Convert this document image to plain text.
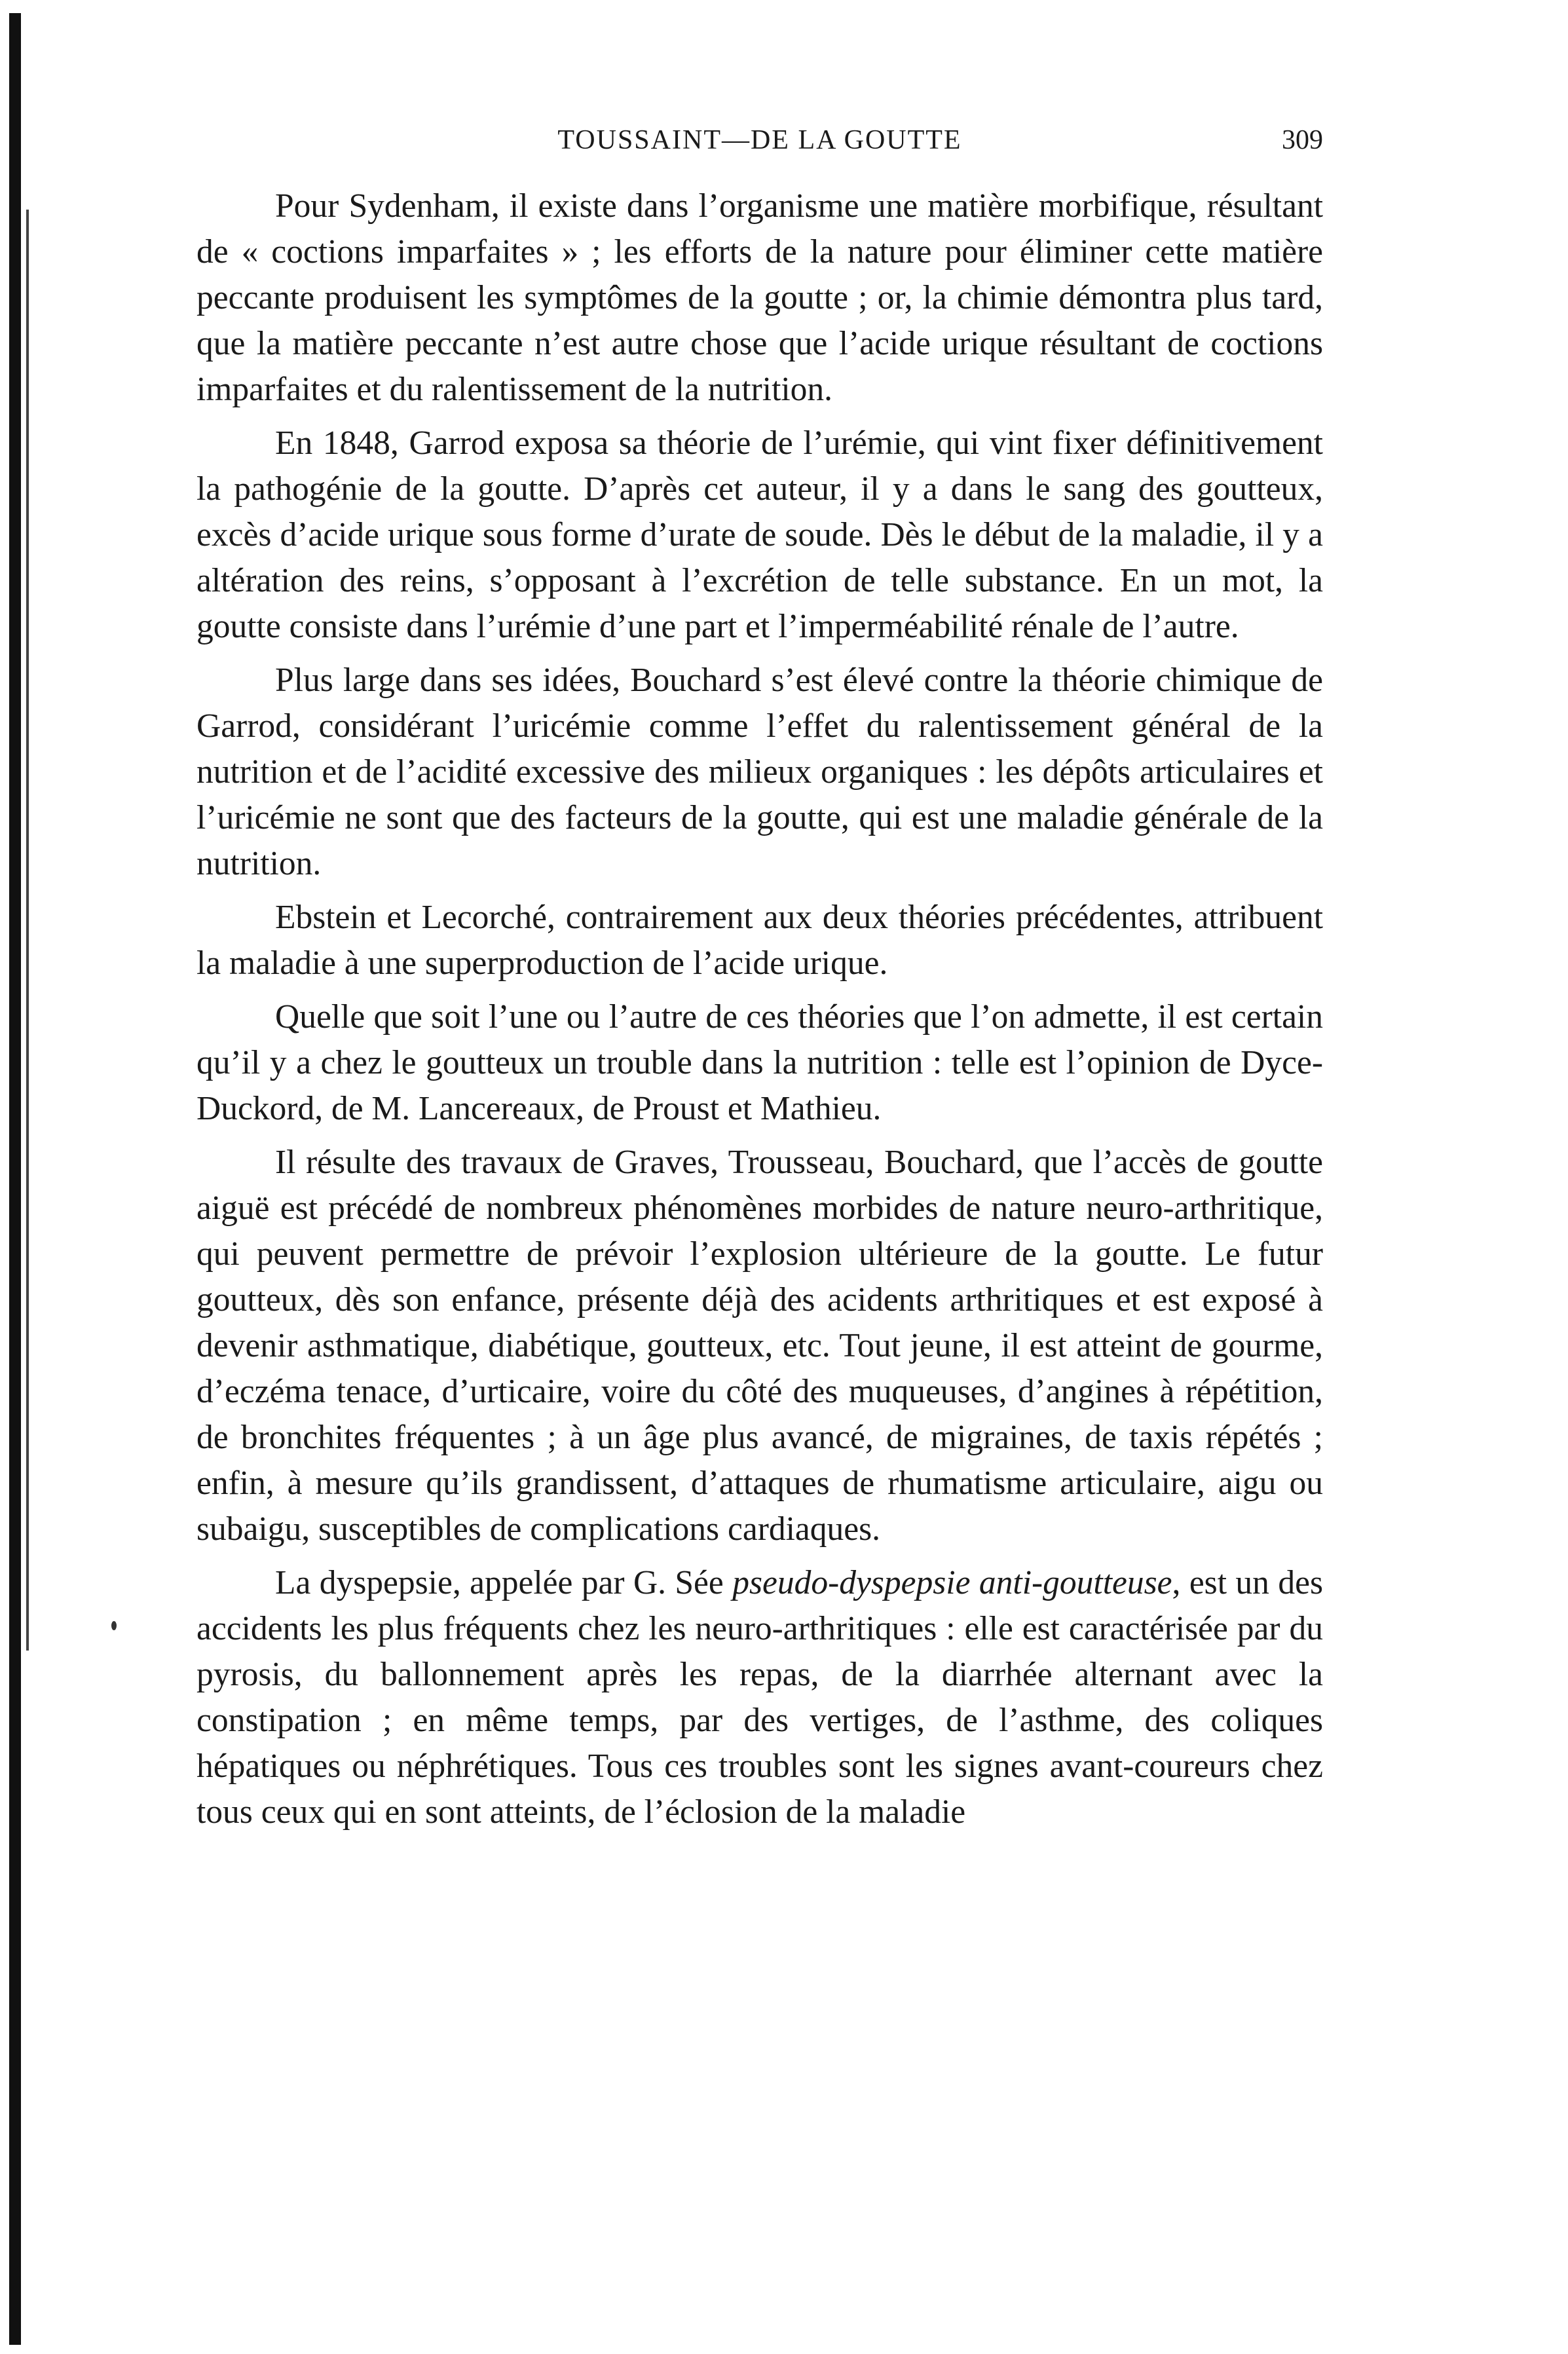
TOUSSAINT—DE LA GOUTTE	309

Pour Sydenham, il existe dans l’organisme une matière morbifique, résultant de « coctions imparfaites » ; les efforts de la nature pour éliminer cette matière peccante produisent les symptômes de la goutte ; or, la chimie démontra plus tard, que la matière peccante n’est autre chose que l’acide urique résultant de coctions imparfaites et du ralentissement de la nutrition.

En 1848, Garrod exposa sa théorie de l’urémie, qui vint fixer définitivement la pathogénie de la goutte. D’après cet auteur, il y a dans le sang des goutteux, excès d’acide urique sous forme d’urate de soude. Dès le début de la maladie, il y a altération des reins, s’opposant à l’excrétion de telle substance. En un mot, la goutte consiste dans l’urémie d’une part et l’imperméabilité rénale de l’autre.

Plus large dans ses idées, Bouchard s’est élevé contre la théorie chimique de Garrod, considérant l’uricémie comme l’effet du ralentissement général de la nutrition et de l’acidité excessive des milieux organiques : les dépôts articulaires et l’uricémie ne sont que des facteurs de la goutte, qui est une maladie générale de la nutrition.

Ebstein et Lecorché, contrairement aux deux théories précédentes, attribuent la maladie à une superproduction de l’acide urique.

Quelle que soit l’une ou l’autre de ces théories que l’on admette, il est certain qu’il y a chez le goutteux un trouble dans la nutrition : telle est l’opinion de Dyce-Duckord, de M. Lancereaux, de Proust et Mathieu.

Il résulte des travaux de Graves, Trousseau, Bouchard, que l’accès de goutte aiguë est précédé de nombreux phénomènes morbides de nature neuro-arthritique, qui peuvent permettre de prévoir l’explosion ultérieure de la goutte. Le futur goutteux, dès son enfance, présente déjà des acidents arthritiques et est exposé à devenir asthmatique, diabétique, goutteux, etc. Tout jeune, il est atteint de gourme, d’eczéma tenace, d’urticaire, voire du côté des muqueuses, d’angines à répétition, de bronchites fréquentes ; à un âge plus avancé, de migraines, de taxis répétés ; enfin, à mesure qu’ils grandissent, d’attaques de rhumatisme articulaire, aigu ou subaigu, susceptibles de complications cardiaques.

La dyspepsie, appelée par G. Sée pseudo-dyspepsie anti-goutteuse, est un des accidents les plus fréquents chez les neuro-arthritiques : elle est caractérisée par du pyrosis, du ballonnement après les repas, de la diarrhée alternant avec la constipation ; en même temps, par des vertiges, de l’asthme, des coliques hépatiques ou néphrétiques. Tous ces troubles sont les signes avant-coureurs chez tous ceux qui en sont atteints, de l’éclosion de la maladie
